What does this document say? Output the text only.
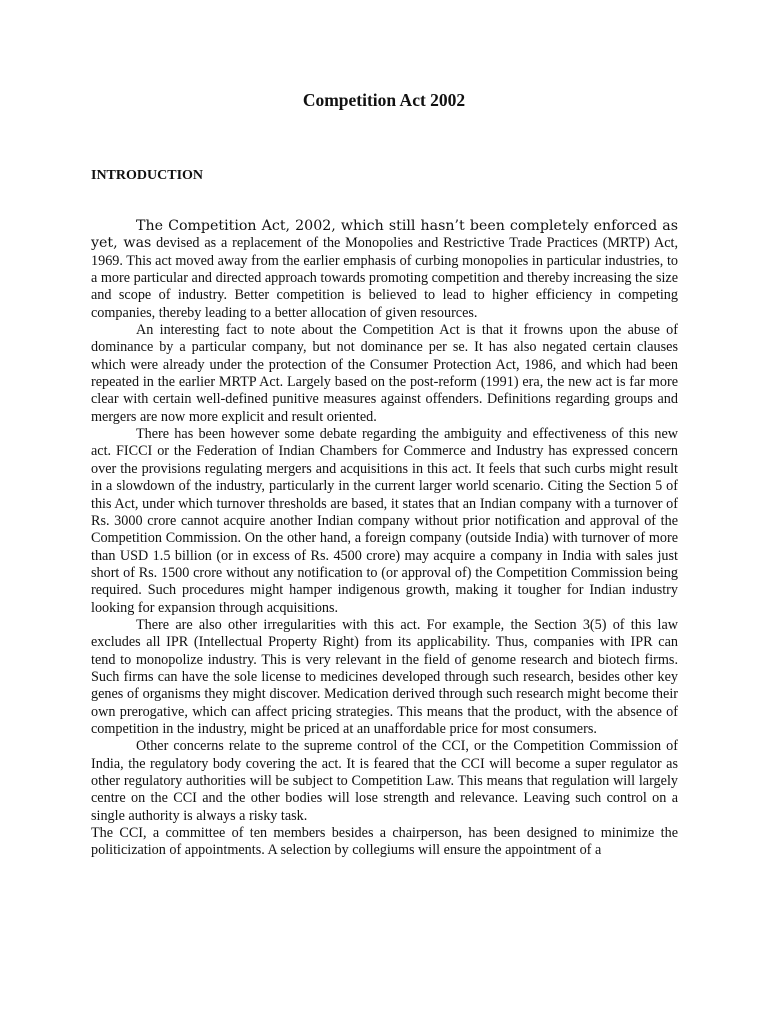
Competition Act 2002
INTRODUCTION

The Competition Act, 2002, which still hasn’t been completely enforced as yet, was devised as a replacement of the Monopolies and Restrictive Trade Practices (MRTP) Act, 1969. This act moved away from the earlier emphasis of curbing monopolies in particular industries, to a more particular and directed approach towards promoting competition and thereby increasing the size and scope of industry. Better competition is believed to lead to higher efficiency in competing companies, thereby leading to a better allocation of given resources.

An interesting fact to note about the Competition Act is that it frowns upon the abuse of dominance by a particular company, but not dominance per se. It has also negated certain clauses which were already under the protection of the Consumer Protection Act, 1986, and which had been repeated in the earlier MRTP Act. Largely based on the post-reform (1991) era, the new act is far more clear with certain well-defined punitive measures against offenders. Definitions regarding groups and mergers are now more explicit and result oriented.

There has been however some debate regarding the ambiguity and effectiveness of this new act. FICCI or the Federation of Indian Chambers for Commerce and Industry has expressed concern over the provisions regulating mergers and acquisitions in this act. It feels that such curbs might result in a slowdown of the industry, particularly in the current larger world scenario. Citing the Section 5 of this Act, under which turnover thresholds are based, it states that an Indian company with a turnover of Rs. 3000 crore cannot acquire another Indian company without prior notification and approval of the Competition Commission. On the other hand, a foreign company (outside India) with turnover of more than USD 1.5 billion (or in excess of Rs. 4500 crore) may acquire a company in India with sales just short of Rs. 1500 crore without any notification to (or approval of) the Competition Commission being required. Such procedures might hamper indigenous growth, making it tougher for Indian industry looking for expansion through acquisitions.

There are also other irregularities with this act. For example, the Section 3(5) of this law excludes all IPR (Intellectual Property Right) from its applicability. Thus, companies with IPR can tend to monopolize industry. This is very relevant in the field of genome research and biotech firms. Such firms can have the sole license to medicines developed through such research, besides other key genes of organisms they might discover. Medication derived through such research might become their own prerogative, which can affect pricing strategies. This means that the product, with the absence of competition in the industry, might be priced at an unaffordable price for most consumers.

Other concerns relate to the supreme control of the CCI, or the Competition Commission of India, the regulatory body covering the act. It is feared that the CCI will become a super regulator as other regulatory authorities will be subject to Competition Law. This means that regulation will largely centre on the CCI and the other bodies will lose strength and relevance. Leaving such control on a single authority is always a risky task.

The CCI, a committee of ten members besides a chairperson, has been designed to minimize the politicization of appointments. A selection by collegiums will ensure the appointment of a
